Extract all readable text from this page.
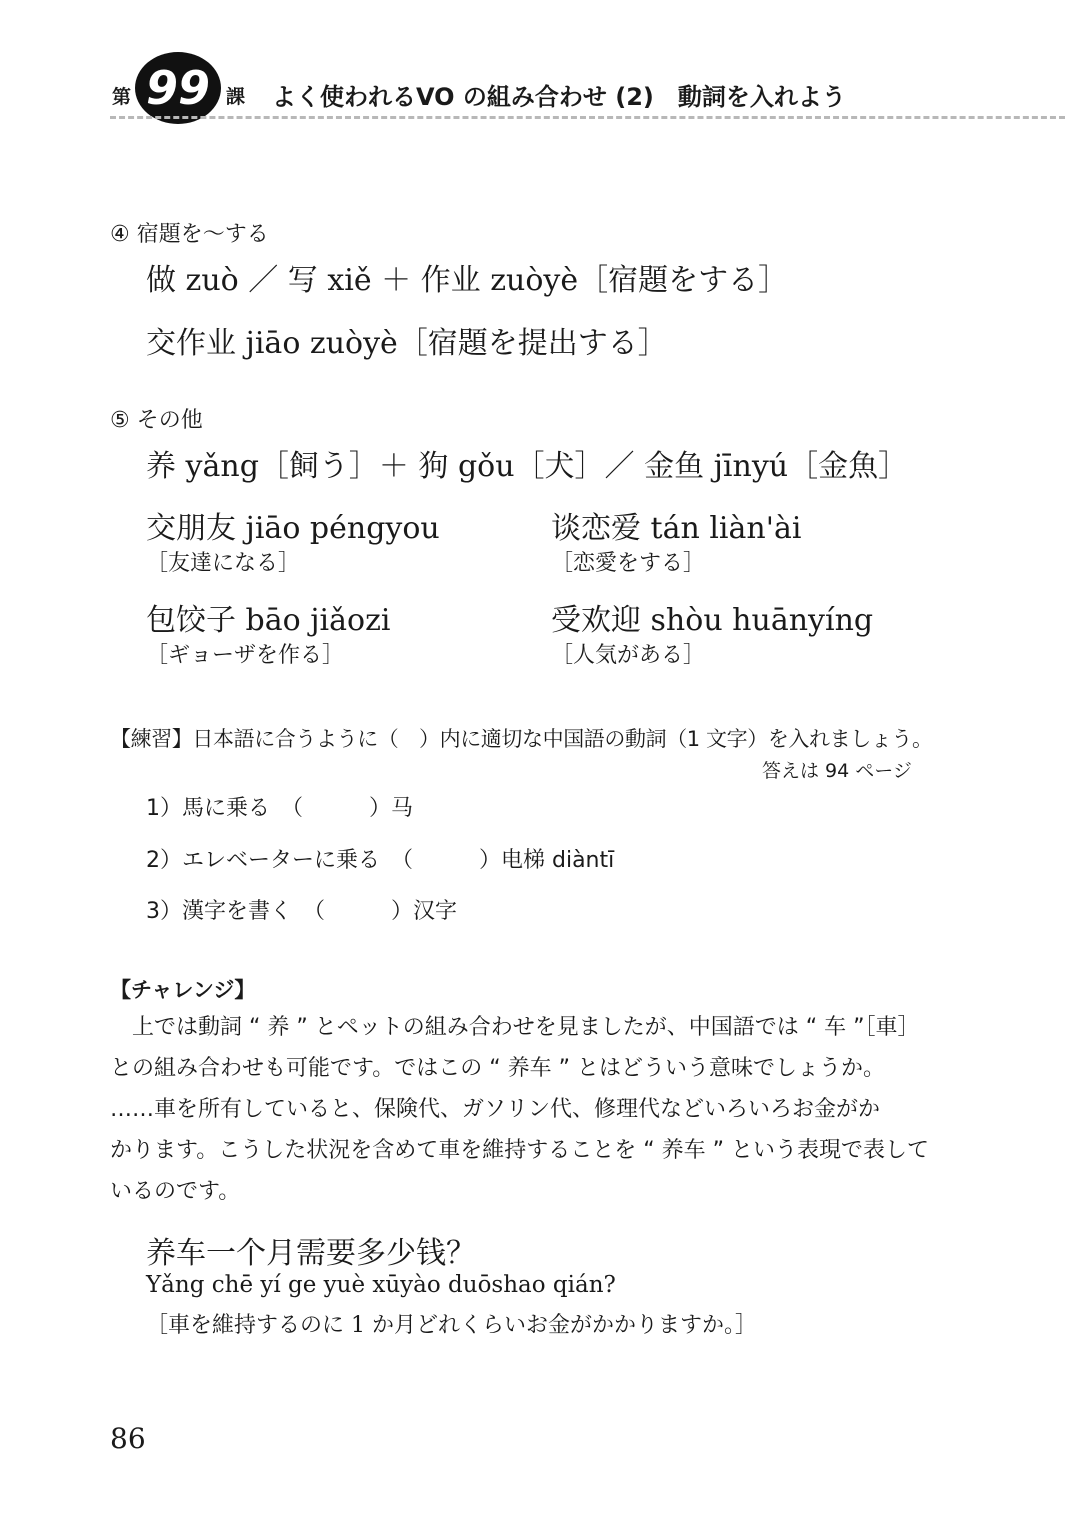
第 99 課 よく使われるVO の組み合わせ (2)　動詞を入れよう
④ 宿題を～する
做 zuò ／ 写 xiě ＋ 作业 zuòyè［宿題をする］
交作业 jiāo zuòyè［宿題を提出する］
⑤ その他
养 yǎng［飼う］＋ 狗 gǒu［犬］／ 金鱼 jīnyú［金魚］
交朋友 jiāo péngyou
［友達になる］
谈恋爱 tán liàn'ài
［恋愛をする］
包饺子 bāo jiǎozi
［ギョーザを作る］
受欢迎 shòu huānyíng
［人気がある］
【練習】日本語に合うように（　）内に適切な中国語の動詞（1 文字）を入れましょう。
答えは 94 ページ
1）馬に乗る　（　　　）马
2）エレベーターに乗る　（　　　）电梯 diàntī
3）漢字を書く　（　　　）汉字
【チャレンジ】
上では動詞 “ 养 ” とペットの組み合わせを見ましたが、中国語では “ 车 ”［車］
との組み合わせも可能です。ではこの “ 养车 ” とはどういう意味でしょうか。
……車を所有していると、保険代、ガソリン代、修理代などいろいろお金がか
かります。こうした状況を含めて車を維持することを “ 养车 ” という表現で表して
いるのです。
养车一个月需要多少钱？
Yǎng chē yí ge yuè xūyào duōshao qián?
［車を維持するのに 1 か月どれくらいお金がかかりますか。］
86
